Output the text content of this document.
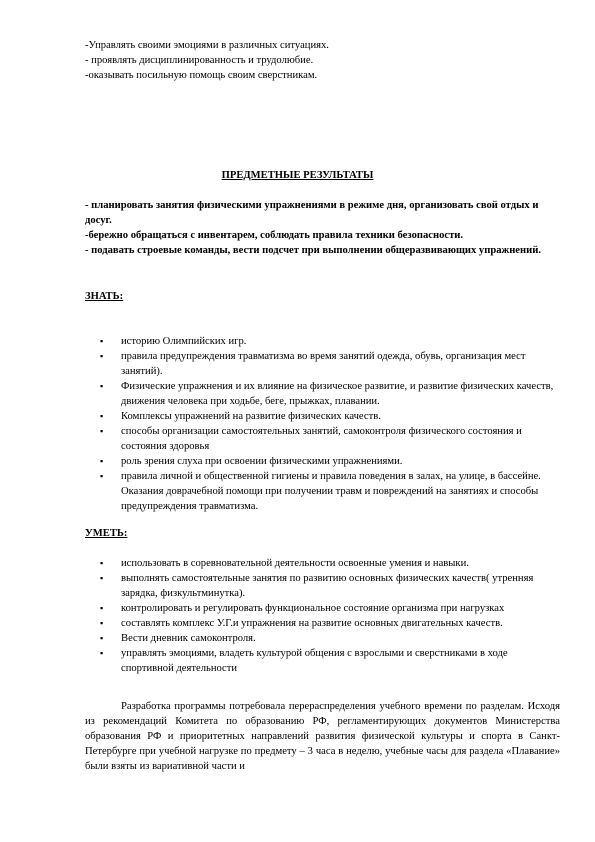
-Управлять своими эмоциями в различных ситуациях.

- проявлять дисциплинированность и трудолюбие.

-оказывать посильную помощь своим сверстникам.

ПРЕДМЕТНЫЕ РЕЗУЛЬТАТЫ

- планировать занятия физическими упражнениями в режиме дня, организовать свой отдых и досуг.

-бережно обращаться с инвентарем, соблюдать правила техники безопасности.

- подавать строевые команды, вести подсчет при выполнении общеразвивающих упражнений.

ЗНАТЬ:
▪ историю Олимпийских игр.
▪ правила предупреждения травматизма во время занятий одежда, обувь, организация мест занятий).
▪ Физические упражнения и их влияние на физическое развитие, и развитие физических качеств, движения человека при ходьбе, беге, прыжках, плавании.
▪ Комплексы упражнений на развитие физических качеств.
▪ способы организации самостоятельных занятий, самоконтроля физического состояния и состояния здоровья
▪ роль зрения слуха при освоении физическими упражнениями.
▪ правила личной и общественной гигиены и правила поведения в залах, на улице, в бассейне. Оказания доврачебной помощи при получении травм и повреждений на занятиях и способы предупреждения травматизма.
УМЕТЬ:
▪ использовать в соревновательной деятельности освоенные умения и навыки.
▪ выполнять самостоятельные занятия по развитию основных физических качеств( утренняя зарядка, физкультминутка).
▪ контролировать и регулировать функциональное состояние организма при нагрузках
▪ составлять комплекс У.Г.и упражнения на развитие основных двигательных качеств.
▪ Вести дневник самоконтроля.
▪ управлять эмоциями, владеть культурой общения с взрослыми и сверстниками в ходе спортивной деятельности

Разработка программы потребовала перераспределения учебного времени по разделам. Исходя из рекомендаций Комитета по образованию РФ, регламентирующих документов Министерства образования РФ и приоритетных направлений развития физической культуры и спорта в Санкт-Петербурге при учебной нагрузке по предмету – 3 часа в неделю, учебные часы для раздела «Плавание» были взяты из вариативной части и
